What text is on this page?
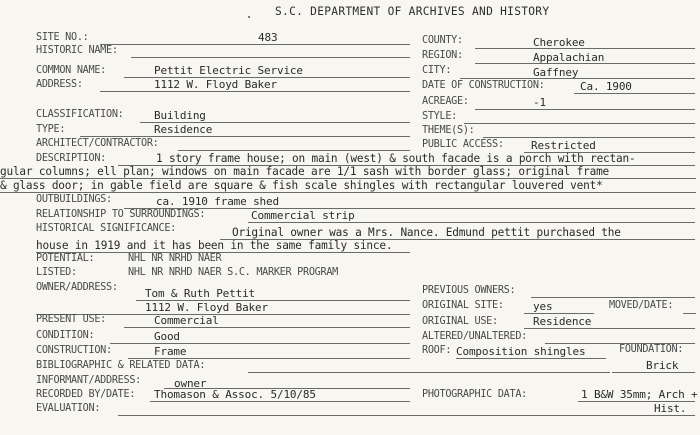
S.C. DEPARTMENT OF ARCHIVES AND HISTORY
SITE NO.:	483
HISTORIC NAME:
COMMON NAME:	Pettit Electric Service
ADDRESS:	1112 W. Floyd Baker
COUNTY:	Cherokee
REGION:	Appalachian
CITY:	Gaffney
DATE OF CONSTRUCTION:	Ca. 1900
ACREAGE:	-1
CLASSIFICATION:	Building
TYPE:	Residence
ARCHITECT/CONTRACTOR:
STYLE:
THEME(S):
PUBLIC ACCESS: Restricted
DESCRIPTION:	1 story frame house; on main (west) & south facade is a porch with rectan-
gular columns; ell plan; windows on main facade are 1/1 sash with border glass; original frame
& glass door; in gable field are square & fish scale shingles with rectangular louvered vent*
OUTBUILDINGS:	ca. 1910 frame shed
RELATIONSHIP TO SURROUNDINGS:	Commercial strip
HISTORICAL SIGNIFICANCE:	Original owner was a Mrs. Nance. Edmund pettit purchased the
house in 1919 and it has been in the same family since.
POTENTIAL:	NHL NR NRHD NAER
LISTED:	NHL NR NRHD NAER S.C. MARKER PROGRAM
OWNER/ADDRESS: Tom & Ruth Pettit
1112 W. Floyd Baker
PREVIOUS OWNERS:
ORIGINAL SITE:	yes	MOVED/DATE:
PRESENT USE:	Commercial	ORIGINAL USE:	Residence
CONDITION:	Good	ALTERED/UNALTERED:
CONSTRUCTION:	Frame	ROOF: Composition shingles	FOUNDATION:
Brick
BIBLIOGRAPHIC & RELATED DATA:
INFORMANT/ADDRESS:	owner
RECORDED BY/DATE: Thomason & Assoc. 5/10/85	PHOTOGRAPHIC DATA:	1 B&W 35mm; Arch +
Hist.
EVALUATION:
